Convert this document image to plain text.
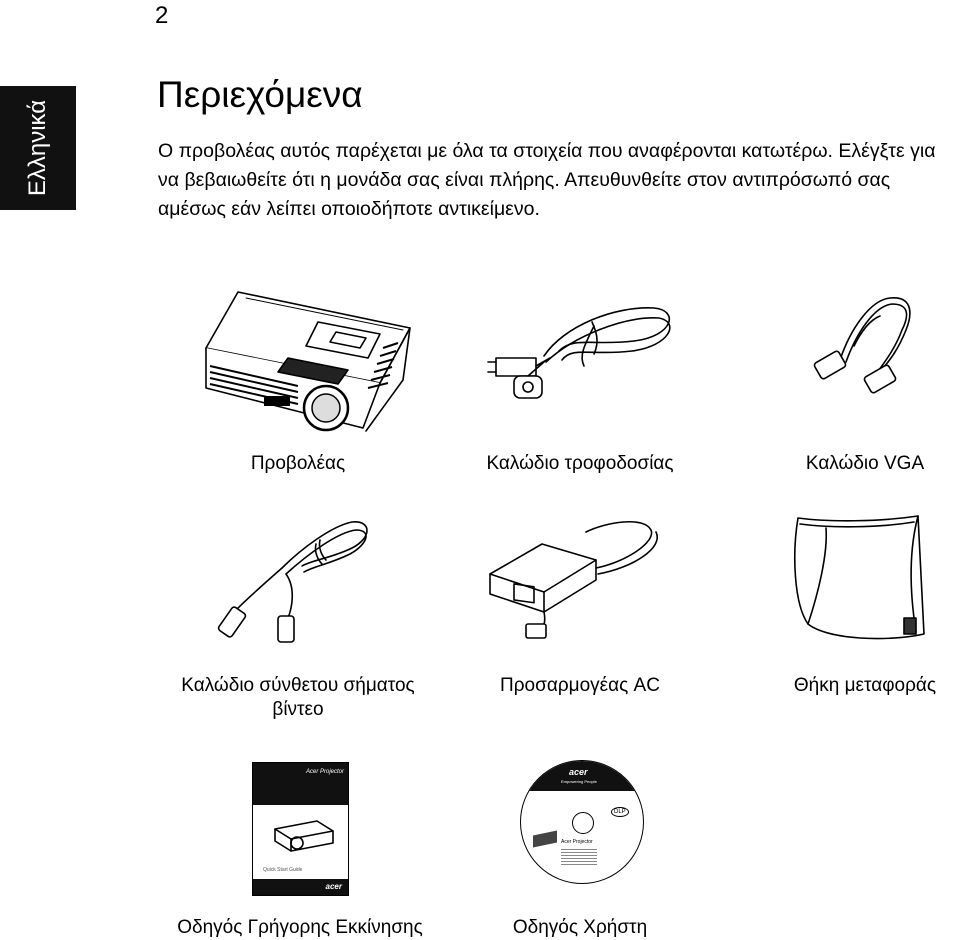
2
Ελληνικά
Περιεχόμενα

Ο προβολέας αυτός παρέχεται με όλα τα στοιχεία που αναφέρονται κατωτέρω. Ελέγξτε για να βεβαιωθείτε ότι η μονάδα σας είναι πλήρης. Απευθυνθείτε στον αντιπρόσωπό σας αμέσως εάν λείπει οποιοδήποτε αντικείμενο.

Προβολέας	Καλώδιο τροφοδοσίας	Καλώδιο VGA
Καλώδιο σύνθετου σήματος βίντεο
Προσαρμογέας AC	Θήκη μεταφοράς
Acer Projector
Quick Start Guide
acer
Οδηγός Γρήγορης Εκκίνησης
acer
Empowering People
DLP
Acer Projector
Οδηγός Χρήστη
